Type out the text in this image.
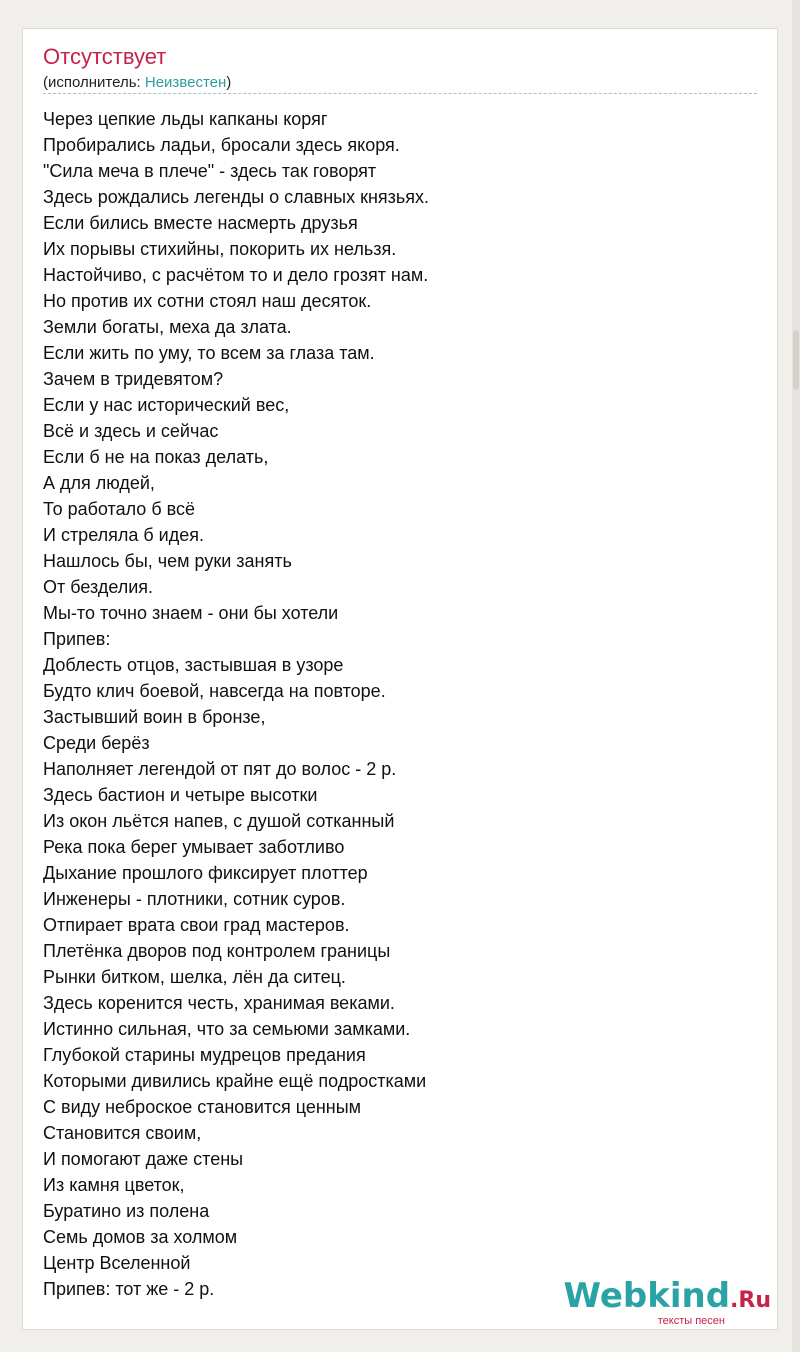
Отсутствует
(исполнитель: Неизвестен)
Через цепкие льды капканы коряг
Пробирались ладьи, бросали здесь якоря.
"Сила меча в плече" - здесь так говорят
Здесь рождались легенды о славных князьях.
Если бились вместе насмерть друзья
Их порывы стихийны, покорить их нельзя.
Настойчиво, с расчётом то и дело грозят нам.
Но против их сотни стоял наш десяток.
Земли богаты, меха да злата.
Если жить по уму, то всем за глаза там.
Зачем в тридевятом?
Если у нас исторический вес,
Всё и здесь и сейчас
Если б не на показ делать,
А для людей,
То работало б всё
И стреляла б идея.
Нашлось бы, чем руки занять
От безделия.
Мы-то точно знаем - они бы хотели
Припев:
Доблесть отцов, застывшая в узоре
Будто клич боевой, навсегда на повторе.
Застывший воин в бронзе,
Среди берёз
Наполняет легендой от пят до волос - 2 р.
Здесь бастион и четыре высотки
Из окон льётся напев, с душой сотканный
Река пока берег умывает заботливо
Дыхание прошлого фиксирует плоттер
Инженеры - плотники, сотник суров.
Отпирает врата свои град мастеров.
Плетёнка дворов под контролем границы
Рынки битком, шелка, лён да ситец.
Здесь коренится честь, хранимая веками.
Истинно сильная, что за семьюми замками.
Глубокой старины мудрецов предания
Которыми дивились крайне ещё подростками
С виду неброское становится ценным
Становится своим,
И помогают даже стены
Из камня цветок,
Буратино из полена
Семь домов за холмом
Центр Вселенной
Припев: тот же - 2 р.	Webkind.Ru
тексты песен
